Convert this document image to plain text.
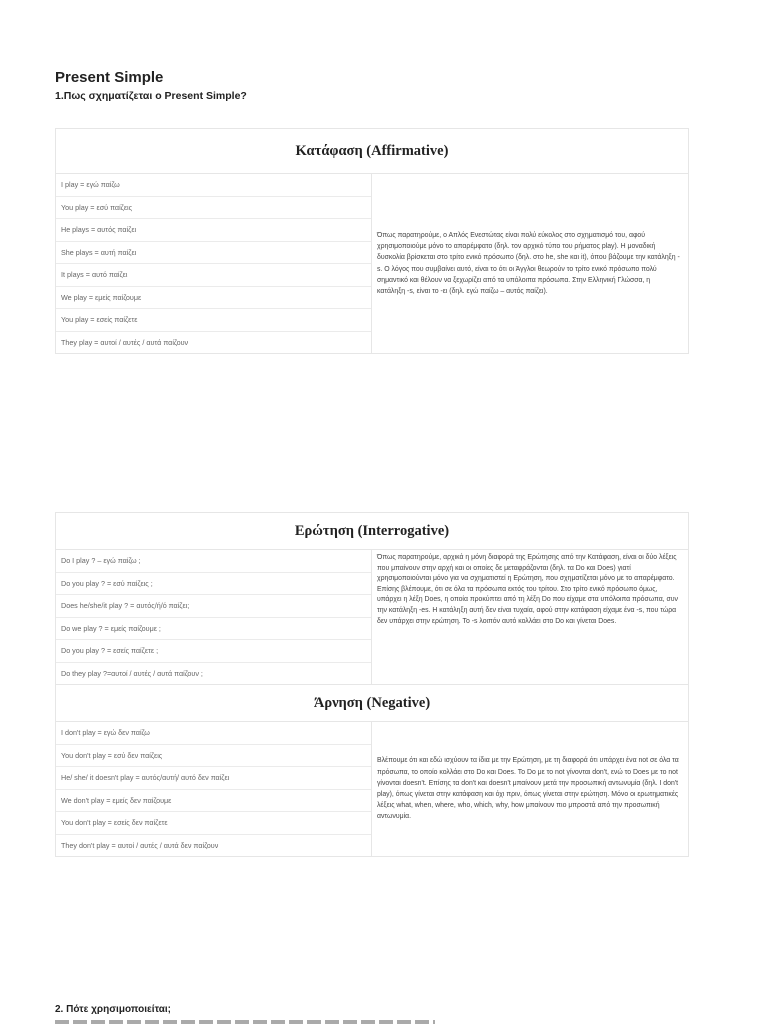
Present Simple
1.Πως σχηματίζεται ο Present Simple?
Κατάφαση (Affirmative)
I play = εγώ παίζω
You play = εσύ παίζεις
He plays = αυτός παίζει
She plays = αυτή παίζει
It plays = αυτό παίζει
We play = εμείς παίζουμε
You play = εσείς παίζετε
They play = αυτοί / αυτές / αυτά παίζουν
Όπως παρατηρούμε, ο Απλός Ενεστώτας είναι πολύ εύκολος στο σχηματισμό του, αφού χρησιμοποιούμε μόνο το απαρέμφατο (δηλ. τον αρχικό τύπο του ρήματος play). Η μοναδική δυσκολία βρίσκεται στο τρίτο ενικό πρόσωπο (δηλ. στο he, she και it), όπου βάζουμε την κατάληξη -s. Ο λόγος που συμβαίνει αυτό, είναι το ότι οι Άγγλοι θεωρούν το τρίτο ενικό πρόσωπο πολύ σημαντικό και θέλουν να ξεχωρίζει από τα υπόλοιπα πρόσωπα. Στην Ελληνική Γλώσσα, η κατάληξη -s, είναι το -ει (δηλ. εγώ παίζω – αυτός παίζει).
Ερώτηση (Interrogative)
Do I play ? – εγώ παίζω ;
Do you play ? = εσύ παίζεις ;
Does he/she/it play ? = αυτός/ή/ό παίζει;
Do we play ? = εμείς παίζουμε ;
Do you play ? = εσείς παίζετε ;
Do they play ?=αυτοί / αυτές / αυτά παίζουν ;
Όπως παρατηρούμε, αρχικά η μόνη διαφορά της Ερώτησης από την Κατάφαση, είναι οι δύο λέξεις που μπαίνουν στην αρχή και οι οποίες δε μεταφράζονται (δηλ. τα Do και Does) γιατί χρησιμοποιούνται μόνο για να σχηματιστεί η Ερώτηση, που σχηματίζεται μόνο με το απαρέμφατο. Επίσης βλέπουμε, ότι σε όλα τα πρόσωπα εκτός του τρίτου. Στο τρίτο ενικό πρόσωπο όμως, υπάρχει η λέξη Does, η οποία προκύπτει από τη λέξη Do που είχαμε στα υπόλοιπα πρόσωπα, συν την κατάληξη -es. Η κατάληξη αυτή δεν είναι τυχαία, αφού στην κατάφαση είχαμε ένα -s, που τώρα δεν υπάρχει στην ερώτηση. Το -s λοιπόν αυτό κολλάει στο Do και γίνεται Does.
Άρνηση (Negative)
I don't play = εγώ δεν παίζω
You don't play = εσύ δεν παίζεις
He/ she/ it doesn't play = αυτός/αυτή/ αυτό δεν παίζει
We don't play = εμείς δεν παίζουμε
You don't play = εσείς δεν παίζετε
They don't play = αυτοί / αυτές / αυτά δεν παίζουν
Βλέπουμε ότι και εδώ ισχύουν τα ίδια με την Ερώτηση, με τη διαφορά ότι υπάρχει ένα not σε όλα τα πρόσωπα, το οποίο κολλάει στο Do και Does. Το Do με το not γίνονται don't, ενώ το Does με το not γίνονται doesn't. Επίσης τα don't και doesn't μπαίνουν μετά την προσωπική αντωνυμία (δηλ. I don't play), όπως γίνεται στην κατάφαση και όχι πριν, όπως γίνεται στην ερώτηση. Μόνο οι ερωτηματικές λέξεις what, when, where, who, which, why, how μπαίνουν πιο μπροστά από την προσωπική αντωνυμία.
2. Πότε χρησιμοποιείται;
